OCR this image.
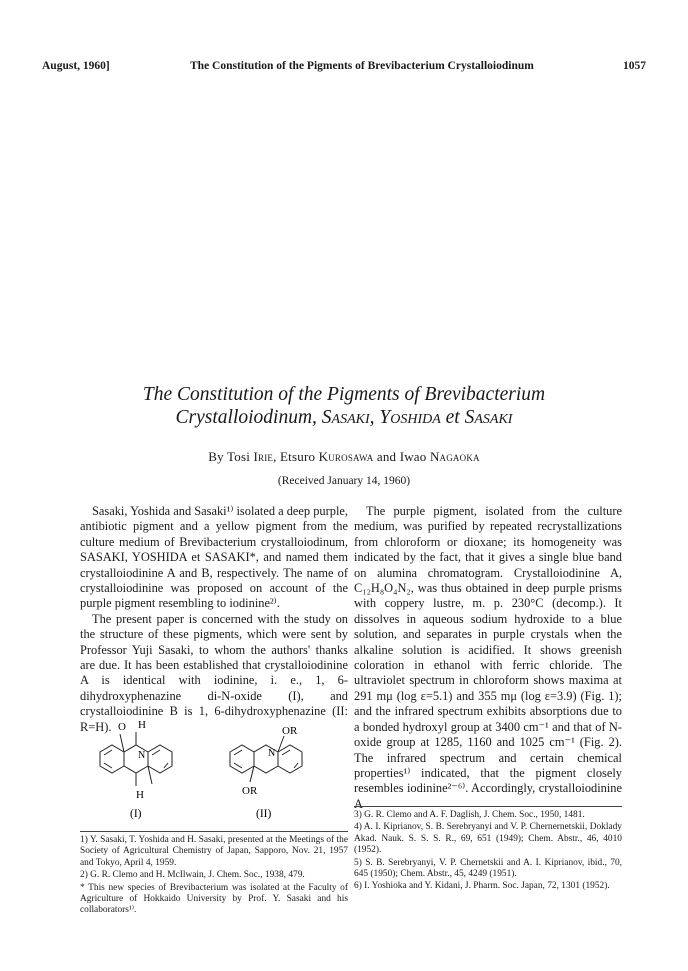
August, 1960]	The Constitution of the Pigments of Brevibacterium Crystalloiodinum	1057

The Constitution of the Pigments of Brevibacterium
Crystalloiodinum, Sasaki, Yoshida et Sasaki

By Tosi Irie, Etsuro Kurosawa and Iwao Nagaoka
(Received January 14, 1960)

Sasaki, Yoshida and Sasaki¹⁾ isolated a deep purple, antibiotic pigment and a yellow pigment from the culture medium of Brevibacterium crystalloiodinum, SASAKI, YOSHIDA et SASAKI*, and named them crystalloiodinine A and B, respectively. The name of crystalloiodinine was proposed on account of the purple pigment resembling to iodinine²⁾.

The present paper is concerned with the study on the structure of these pigments, which were sent by Professor Yuji Sasaki, to whom the authors' thanks are due. It has been established that crystalloiodinine A is identical with iodinine, i. e., 1, 6-dihydroxyphenazine di-N-oxide (I), and crystalloiodinine B is 1, 6-dihydroxyphenazine (II: R=H). O H
N
H
OR
N
OR
(I)	(II)

1) Y. Sasaki, T. Yoshida and H. Sasaki, presented at the Meetings of the Society of Agricultural Chemistry of Japan, Sapporo, Nov. 21, 1957 and Tokyo, April 4, 1959.

2) G. R. Clemo and H. McIlwain, J. Chem. Soc., 1938, 479.

* This new species of Brevibacterium was isolated at the Faculty of Agriculture of Hokkaido University by Prof. Y. Sasaki and his collaborators¹⁾.

The purple pigment, isolated from the culture medium, was purified by repeated recrystallizations from chloroform or dioxane; its homogeneity was indicated by the fact, that it gives a single blue band on alumina chromatogram. Crystalloiodinine A, C₁₂H₈O₄N₂, was thus obtained in deep purple prisms with coppery lustre, m. p. 230°C (decomp.). It dissolves in aqueous sodium hydroxide to a blue solution, and separates in purple crystals when the alkaline solution is acidified. It shows greenish coloration in ethanol with ferric chloride. The ultraviolet spectrum in chloroform shows maxima at 291 mμ (log ε=5.1) and 355 mμ (log ε=3.9) (Fig. 1); and the infrared spectrum exhibits absorptions due to a bonded hydroxyl group at 3400 cm⁻¹ and that of N-oxide group at 1285, 1160 and 1025 cm⁻¹ (Fig. 2). The infrared spectrum and certain chemical properties¹⁾ indicated, that the pigment closely resembles iodinine²⁻⁶⁾. Accordingly, crystalloiodinine A

3) G. R. Clemo and A. F. Daglish, J. Chem. Soc., 1950, 1481.

4) A. I. Kiprianov, S. B. Serebryanyi and V. P. Chernernetskii, Doklady Akad. Nauk. S. S. S. R., 69, 651 (1949); Chem. Abstr., 46, 4010 (1952).

5) S. B. Serebryanyi, V. P. Chernetskii and A. I. Kiprianov, ibid., 70, 645 (1950); Chem. Abstr., 45, 4249 (1951).

6) I. Yoshioka and Y. Kidani, J. Pharm. Soc. Japan, 72, 1301 (1952).
